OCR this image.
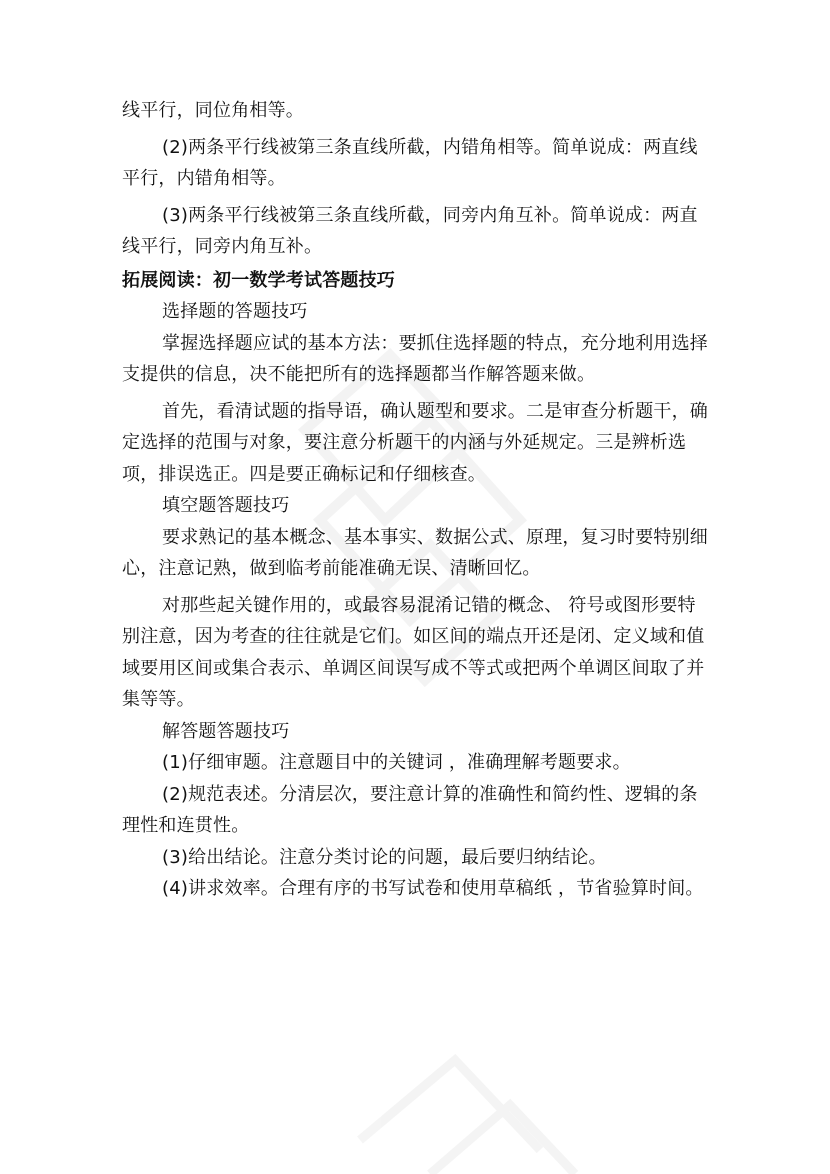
线平行，同位角相等。

(2)两条平行线被第三条直线所截，内错角相等。简单说成：两直线平行，内错角相等。

(3)两条平行线被第三条直线所截，同旁内角互补。简单说成：两直线平行，同旁内角互补。

拓展阅读：初一数学考试答题技巧

选择题的答题技巧

掌握选择题应试的基本方法：要抓住选择题的特点，充分地利用选择支提供的信息，决不能把所有的选择题都当作解答题来做。

首先，看清试题的指导语，确认题型和要求。二是审查分析题干，确定选择的范围与对象，要注意分析题干的内涵与外延规定。三是辨析选项，排误选正。四是要正确标记和仔细核查。

填空题答题技巧

要求熟记的基本概念、基本事实、数据公式、原理，复习时要特别细心，注意记熟，做到临考前能准确无误、清晰回忆。

对那些起关键作用的，或最容易混淆记错的概念、 符号或图形要特别注意，因为考查的往往就是它们。如区间的端点开还是闭、定义域和值域要用区间或集合表示、单调区间误写成不等式或把两个单调区间取了并集等等。

解答题答题技巧

(1)仔细审题。注意题目中的关键词 ，准确理解考题要求。

(2)规范表述。分清层次，要注意计算的准确性和简约性、逻辑的条理性和连贯性。

(3)给出结论。注意分类讨论的问题，最后要归纳结论。

(4)讲求效率。合理有序的书写试卷和使用草稿纸 ，节省验算时间。
